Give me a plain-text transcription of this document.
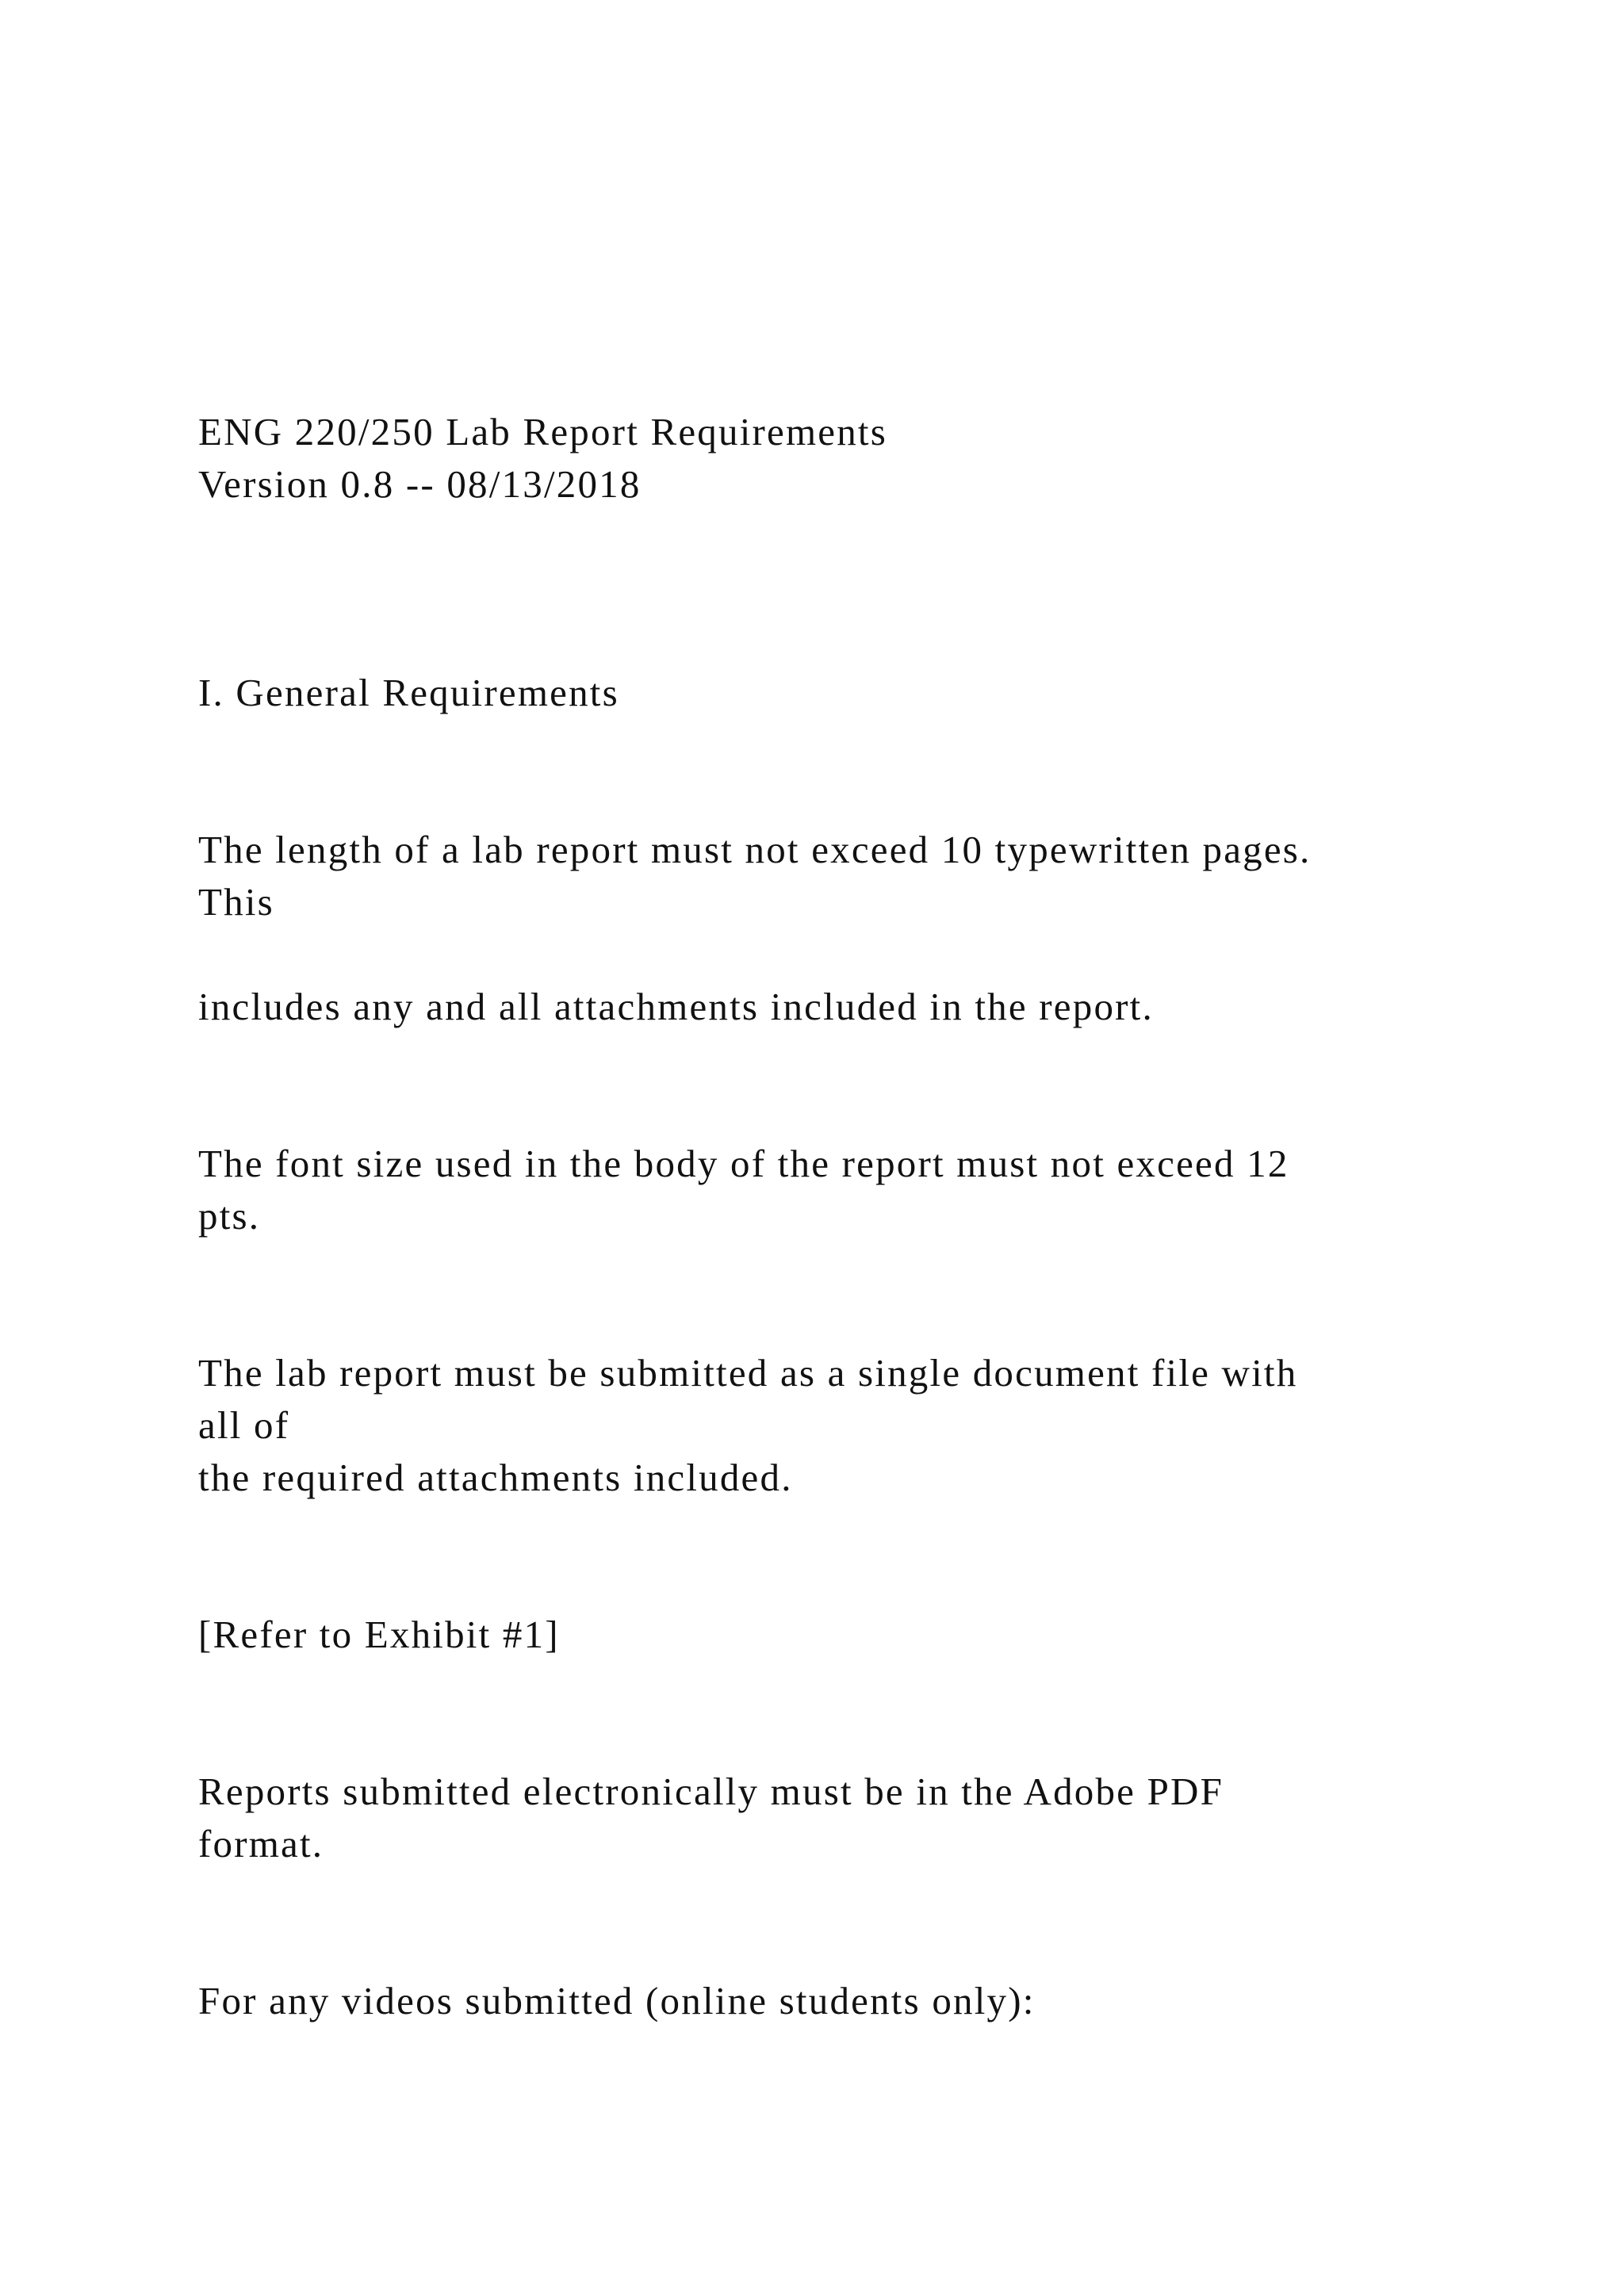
ENG 220/250 Lab Report Requirements

Version 0.8 -- 08/13/2018

I. General Requirements

The length of a lab report must not exceed 10 typewritten pages.

This

includes any and all attachments included in the report.

The font size used in the body of the report must not exceed 12

pts.

The lab report must be submitted as a single document file with

all of

the required attachments included.

[Refer to Exhibit #1]

Reports submitted electronically must be in the Adobe PDF

format.

For any videos submitted (online students only):
